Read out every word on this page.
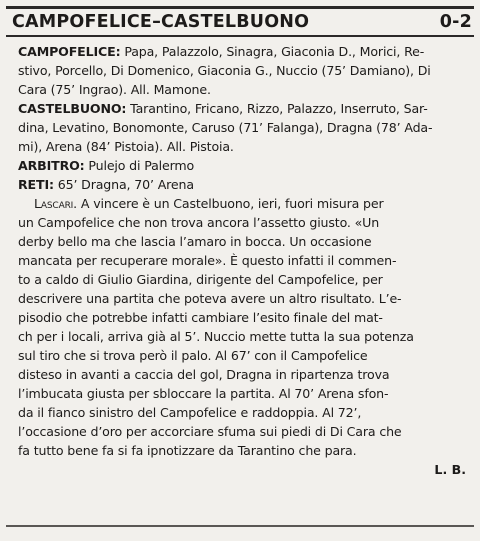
CAMPOFELICE–CASTELBUONO	0-2
CAMPOFELICE: Papa, Palazzolo, Sinagra, Giaconia D., Morici, Re-
stivo, Porcello, Di Domenico, Giaconia G., Nuccio (75’ Damiano), Di
Cara (75’ Ingrao). All. Mamone.
CASTELBUONO: Tarantino, Fricano, Rizzo, Palazzo, Inserruto, Sar-
dina, Levatino, Bonomonte, Caruso (71’ Falanga), Dragna (78’ Ada-
mi), Arena (84’ Pistoia). All. Pistoia.
ARBITRO: Pulejo di Palermo
RETI: 65’ Dragna, 70’ Arena
Lascari. A vincere è un Castelbuono, ieri, fuori misura per
un Campofelice che non trova ancora l’assetto giusto. «Un
derby bello ma che lascia l’amaro in bocca. Un occasione
mancata per recuperare morale». È questo infatti il commen-
to a caldo di Giulio Giardina, dirigente del Campofelice, per
descrivere una partita che poteva avere un altro risultato. L’e-
pisodio che potrebbe infatti cambiare l’esito finale del mat-
ch per i locali, arriva già al 5’. Nuccio mette tutta la sua potenza
sul tiro che si trova però il palo. Al 67’ con il Campofelice
disteso in avanti a caccia del gol, Dragna in ripartenza trova
l’imbucata giusta per sbloccare la partita. Al 70’ Arena sfon-
da il fianco sinistro del Campofelice e raddoppia. Al 72’,
l’occasione d’oro per accorciare sfuma sui piedi di Di Cara che
fa tutto bene fa si fa ipnotizzare da Tarantino che para.
L. B.
